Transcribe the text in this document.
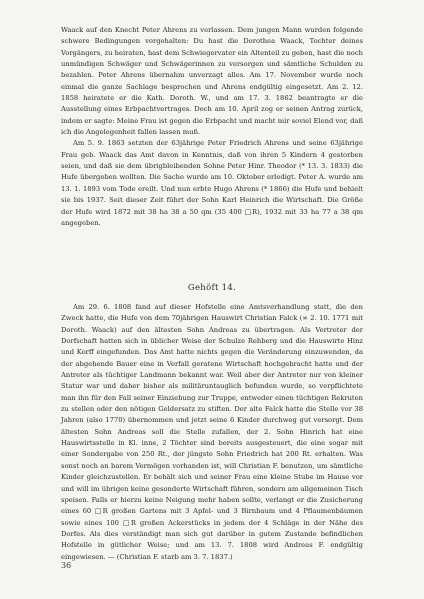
Waack auf den Knecht Peter Ahrens zu verlassen. Dem jungen Mann wurden folgende schwere Bedingungen vorgehalten: Du hast die Dorothea Waack, Tochter deines Vorgängers, zu heiraten, hast dem Schwiegervater ein Altenteil zu geben, hast die noch unmündigen Schwäger und Schwägerinnen zu versorgen und sämtliche Schulden zu bezahlen. Peter Ahrens übernahm unverzagt alles. Am 17. November wurde noch einmal die ganze Sachlage besprochen und Ahrens endgültig eingesetzt. Am 2. 12. 1858 heiratete er die Kath. Doroth. W., und am 17. 3. 1862 beantragte er die Ausstellung eines Erbpachtvertrages. Doch am 10. April zog er seinen Antrag zurück, indem er sagte: Meine Frau ist gegen die Erbpacht und macht mir soviel Elend vor, daß ich die Angelegenheit fallen lassen muß.

Am 5. 9. 1863 setzten der 63jährige Peter Friedrich Ahrens und seine 63jährige Frau geb. Waack das Amt davon in Kenntnis, daß von ihren 5 Kindern 4 gestorben seien, und daß sie dem übrigbleibenden Sohne Peter Hinr. Theodor (* 13. 3. 1833) die Hufe übergeben wollten. Die Sache wurde am 10. Oktober erledigt. Peter A. wurde am 13. 1. 1893 vom Tode ereilt. Und nun erbte Hugo Ahrens (* 1866) die Hufe und behielt sie bis 1937. Seit dieser Zeit führt der Sohn Karl Heinrich die Wirtschaft. Die Größe der Hufe wird 1872 mit 38 ha 38 a 50 qm (35 400 □R), 1932 mit 33 ha 77 a 38 qm angegeben.

Gehöft 14.

Am 29. 6. 1808 fand auf dieser Hofstelle eine Amtsverhandlung statt, die den Zweck hatte, die Hufe von dem 70jährigen Hauswirt Christian Falck (∞ 2. 10. 1771 mit Doroth. Waack) auf den ältesten Sohn Andreas zu übertragen. Als Vertreter der Dorfschaft hatten sich in üblicher Weise der Schulze Rehberg und die Hauswirte Hinz und Korff eingefunden. Das Amt hatte nichts gegen die Veränderung einzuwenden, da der abgehende Bauer eine in Verfall geratene Wirtschaft hochgebracht hatte und der Antreter als tüchtiger Landmann bekannt war. Weil aber der Antreter nur von kleiner Statur war und daher bisher als militäruntauglich befunden wurde, so verpflichtete man ihn für den Fall seiner Einziehung zur Truppe, entweder einen tüchtigen Rekruten zu stellen oder den nötigen Geldersatz zu stiften. Der alte Falck hatte die Stelle vor 38 Jahren (also 1770) übernommen und jetzt seine 6 Kinder durchweg gut versorgt. Dem ältesten Sohn Andreas soll die Stelle zufallen, der 2. Sohn Hinrich hat eine Hauswirtsstelle in Kl. inne, 2 Töchter sind bereits ausgesteuert, die eine sogar mit einer Sondergabe von 250 Rt., der jüngste Sohn Friedrich hat 200 Rt. erhalten. Was sonst noch an barem Vermögen vorhanden ist, will Christian F. benutzen, um sämtliche Kinder gleichzustellen. Er behält sich und seiner Frau eine kleine Stube im Hause vor und will im übrigen keine gesonderte Wirtschaft führen, sondern am allgemeinen Tisch speisen. Falls er hierzu keine Neigung mehr haben sollte, verlangt er die Zusicherung eines 60 □R großen Gartens mit 3 Apfel- und 3 Birnbaum und 4 Pflaumenbäumen sowie eines 100 □R großen Ackerstücks in jedem der 4 Schläge in der Nähe des Dorfes. Als dies verständigt man sich gut darüber in gutem Zustande befindlichen Hofstelle in gütlicher Weise; und am 13. 7. 1808 wird Andreas F. endgültig eingewiesen. — (Christian F. starb am 3. 7. 1837.)

36
